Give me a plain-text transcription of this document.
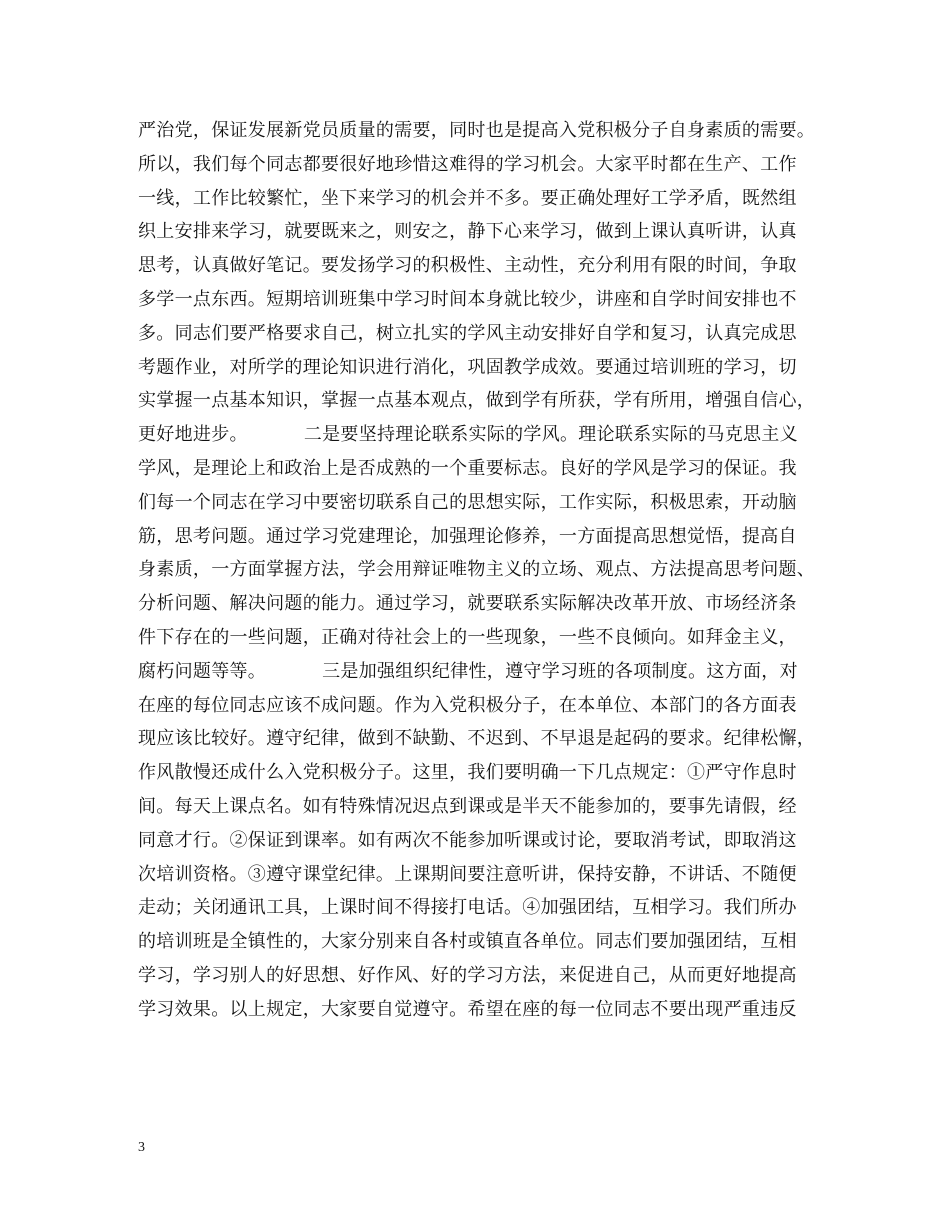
严治党，保证发展新党员质量的需要，同时也是提高入党积极分子自身素质的需要。
所以，我们每个同志都要很好地珍惜这难得的学习机会。大家平时都在生产、工作
一线，工作比较繁忙，坐下来学习的机会并不多。要正确处理好工学矛盾，既然组
织上安排来学习，就要既来之，则安之，静下心来学习，做到上课认真听讲，认真
思考，认真做好笔记。要发扬学习的积极性、主动性，充分利用有限的时间，争取
多学一点东西。短期培训班集中学习时间本身就比较少，讲座和自学时间安排也不
多。同志们要严格要求自己，树立扎实的学风主动安排好自学和复习，认真完成思
考题作业，对所学的理论知识进行消化，巩固教学成效。要通过培训班的学习，切
实掌握一点基本知识，掌握一点基本观点，做到学有所获，学有所用，增强自信心，
更好地进步。	二是要坚持理论联系实际的学风。理论联系实际的马克思主义
学风，是理论上和政治上是否成熟的一个重要标志。良好的学风是学习的保证。我
们每一个同志在学习中要密切联系自己的思想实际，工作实际，积极思索，开动脑
筋，思考问题。通过学习党建理论，加强理论修养，一方面提高思想觉悟，提高自
身素质，一方面掌握方法，学会用辩证唯物主义的立场、观点、方法提高思考问题、
分析问题、解决问题的能力。通过学习，就要联系实际解决改革开放、市场经济条
件下存在的一些问题，正确对待社会上的一些现象，一些不良倾向。如拜金主义，
腐朽问题等等。	三是加强组织纪律性，遵守学习班的各项制度。这方面，对
在座的每位同志应该不成问题。作为入党积极分子，在本单位、本部门的各方面表
现应该比较好。遵守纪律，做到不缺勤、不迟到、不早退是起码的要求。纪律松懈，
作风散慢还成什么入党积极分子。这里，我们要明确一下几点规定：①严守作息时
间。每天上课点名。如有特殊情况迟点到课或是半天不能参加的，要事先请假，经
同意才行。②保证到课率。如有两次不能参加听课或讨论，要取消考试，即取消这
次培训资格。③遵守课堂纪律。上课期间要注意听讲，保持安静，不讲话、不随便
走动；关闭通讯工具，上课时间不得接打电话。④加强团结，互相学习。我们所办
的培训班是全镇性的，大家分别来自各村或镇直各单位。同志们要加强团结，互相
学习，学习别人的好思想、好作风、好的学习方法，来促进自己，从而更好地提高
学习效果。以上规定，大家要自觉遵守。希望在座的每一位同志不要出现严重违反
3
